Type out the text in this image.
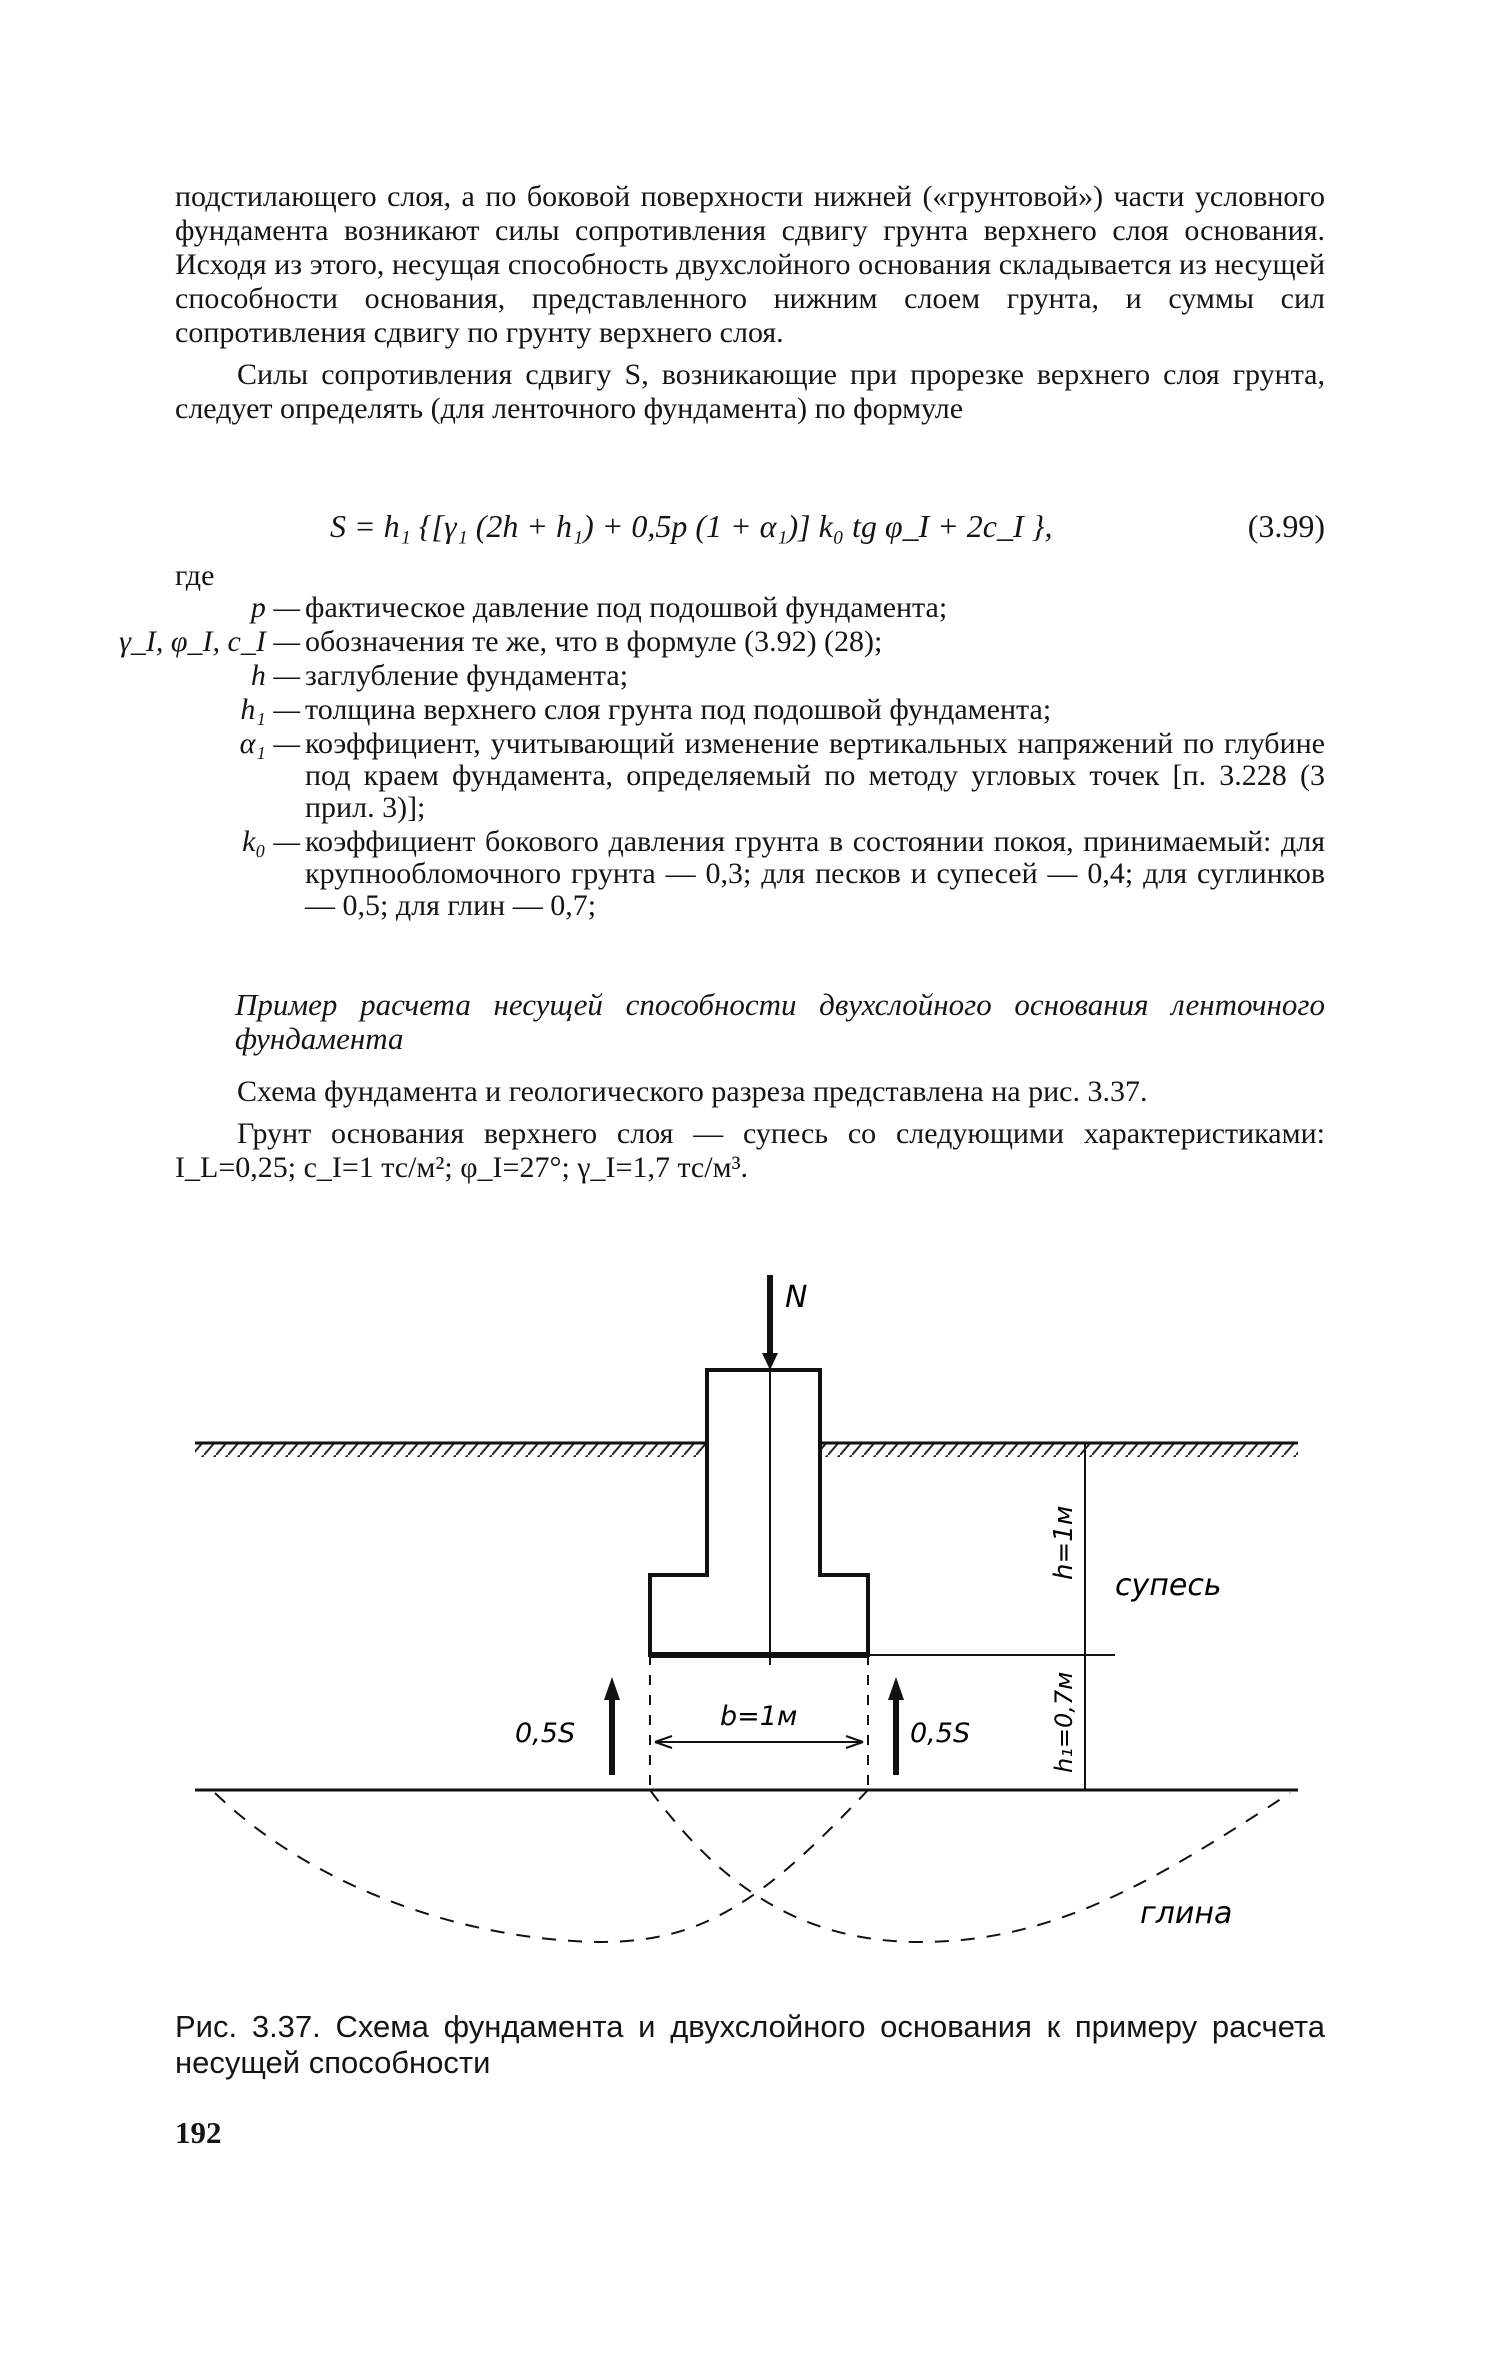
подстилающего слоя, а по боковой поверхности нижней («грунтовой») части условного фундамента возникают силы сопротивления сдвигу грунта верхнего слоя основания. Исходя из этого, несущая способность двухслойного основания складывается из несущей способности основания, представленного нижним слоем грунта, и суммы сил сопротивления сдвигу по грунту верхнего слоя.

Силы сопротивления сдвигу S, возникающие при прорезке верхнего слоя грунта, следует определять (для ленточного фундамента) по формуле

S = h₁ {[γ₁ (2h + h₁) + 0,5p (1 + α₁)] k₀ tg φ_I + 2c_I },	(3.99)
где
p — фактическое давление под подошвой фундамента;
γ_I, φ_I, c_I — обозначения те же, что в формуле (3.92) (28);
h — заглубление фундамента;
h₁ — толщина верхнего слоя грунта под подошвой фундамента;
α₁ — коэффициент, учитывающий изменение вертикальных напряжений по глубине под краем фундамента, определяемый по методу угловых точек [п. 3.228 (3 прил. 3)];
k₀ — коэффициент бокового давления грунта в состоянии покоя, принимаемый: для крупнообломочного грунта — 0,3; для песков и супесей — 0,4; для суглинков — 0,5; для глин — 0,7;
Пример расчета несущей способности двухслойного основания ленточного фундамента

Схема фундамента и геологического разреза представлена на рис. 3.37.

Грунт основания верхнего слоя — супесь со следующими характеристиками: I_L=0,25; c_I=1 тс/м²; φ_I=27°; γ_I=1,7 тс/м³.

N
h=1м
h₁=0,7м
b=1м
0,5S	0,5S
супесь
глина
Рис. 3.37. Схема фундамента и двухслойного основания к примеру расчета несущей способности
192
